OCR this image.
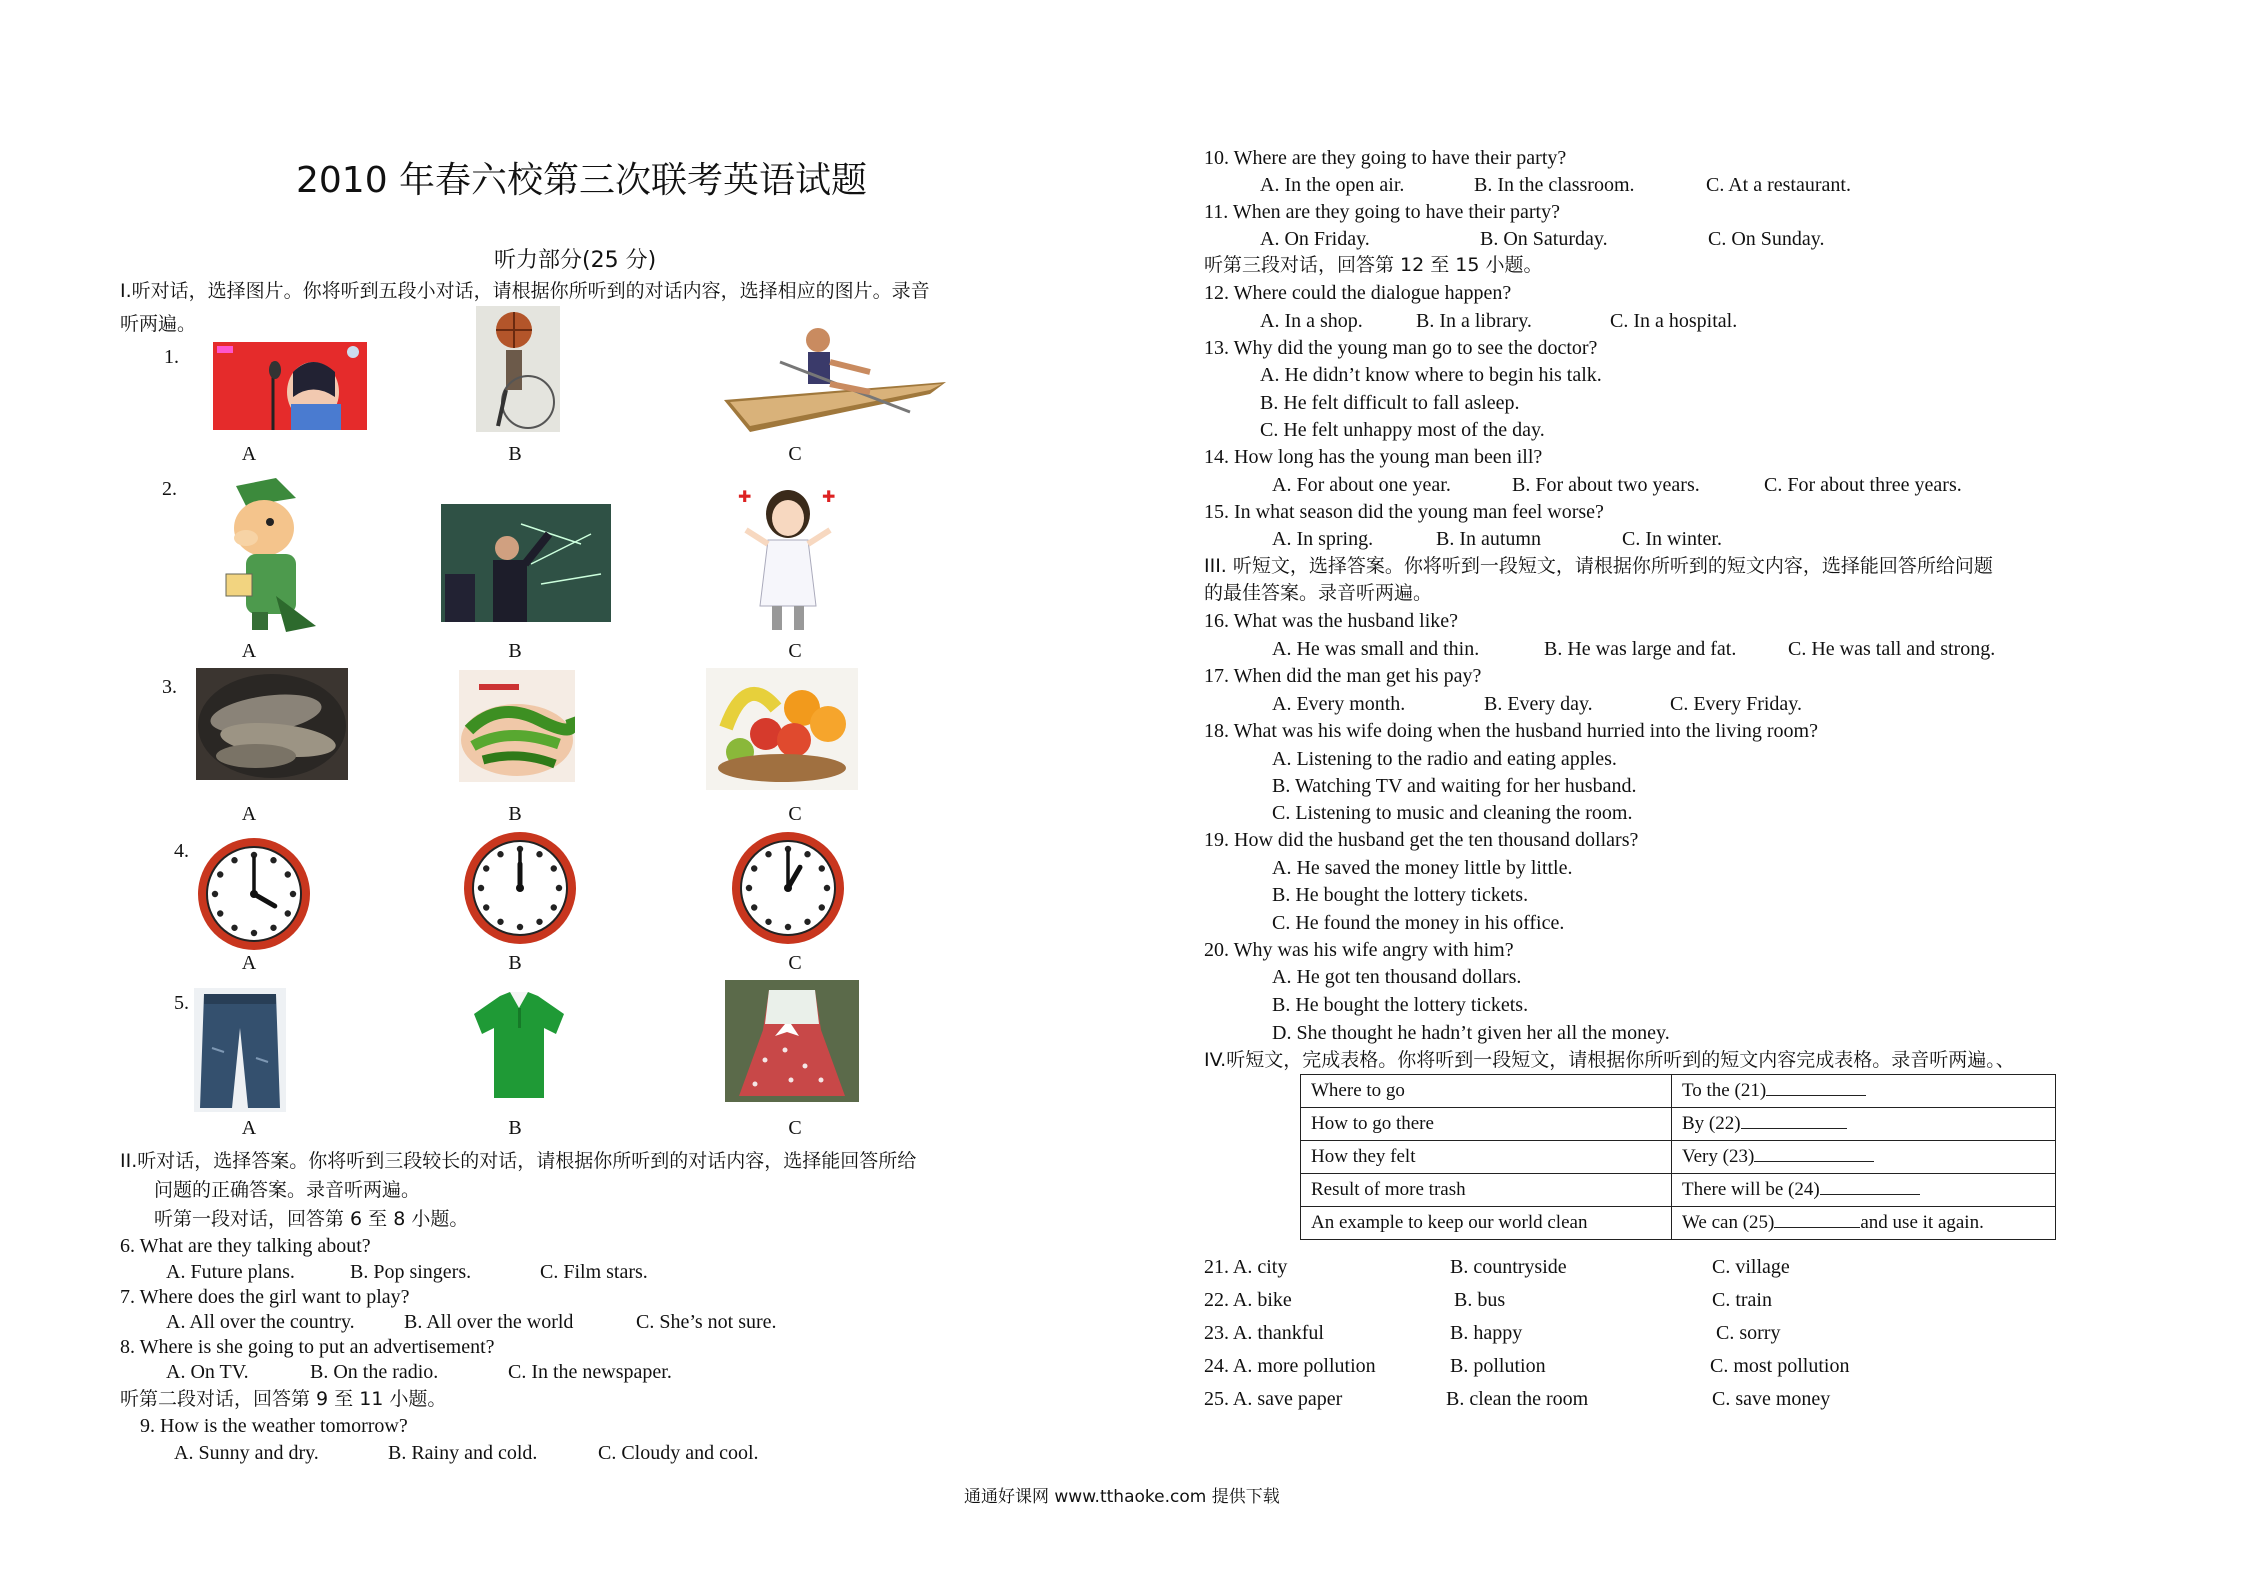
2010 年春六校第三次联考英语试题
听力部分(25 分)
I.听对话，选择图片。你将听到五段小对话，请根据你所听到的对话内容，选择相应的图片。录音
听两遍。
1.
2.
3.
4.
5.
A	B	C
✚	✚
A	B	C
A	B	C
A	B	C
A	B	C
II.听对话，选择答案。你将听到三段较长的对话，请根据你所听到的对话内容，选择能回答所给
问题的正确答案。录音听两遍。
听第一段对话，回答第 6 至 8 小题。
6. What are they talking about?
A. Future plans.	B. Pop singers.	C. Film stars.
7. Where does the girl want to play?
A. All over the country. B. All over the world	C. She’s not sure.
8. Where is she going to put an advertisement?
A. On TV.	B. On the radio.	C. In the newspaper.
听第二段对话，回答第 9 至 11 小题。
9. How is the weather tomorrow?
A. Sunny and dry.	B. Rainy and cold.	C. Cloudy and cool.
10. Where are they going to have their party?
A. In the open air.	B. In the classroom.	C. At a restaurant.
11. When are they going to have their party?
A. On Friday.	B. On Saturday.	C. On Sunday.
听第三段对话，回答第 12 至 15 小题。
12. Where could the dialogue happen?
A. In a shop.	B. In a library.	C. In a hospital.
13. Why did the young man go to see the doctor?
A. He didn’t know where to begin his talk.
B. He felt difficult to fall asleep.
C. He felt unhappy most of the day.
14. How long has the young man been ill?
A. For about one year.	B. For about two years.	C. For about three years.
15. In what season did the young man feel worse?
A. In spring.	B. In autumn	C. In winter.
III. 听短文，选择答案。你将听到一段短文，请根据你所听到的短文内容，选择能回答所给问题
的最佳答案。录音听两遍。
16. What was the husband like?
A. He was small and thin.	B. He was large and fat.	C. He was tall and strong.
17. When did the man get his pay?
A. Every month.	B. Every day.	C. Every Friday.
18. What was his wife doing when the husband hurried into the living room?
A. Listening to the radio and eating apples.
B. Watching TV and waiting for her husband.
C. Listening to music and cleaning the room.
19. How did the husband get the ten thousand dollars?
A. He saved the money little by little.
B. He bought the lottery tickets.
C. He found the money in his office.
20. Why was his wife angry with him?
A. He got ten thousand dollars.
B. He bought the lottery tickets.
D. She thought he hadn’t given her all the money.
IV.听短文，完成表格。你将听到一段短文，请根据你所听到的短文内容完成表格。录音听两遍。、
Where to go	To the (21)
How to go there	By (22)
How they felt	Very (23)
Result of more trash	There will be (24)
An example to keep our world clean	We can (25) and use it again.
21. A. city	B. countryside	C. village
22. A. bike	B. bus	C. train
23. A. thankful	B. happy	C. sorry
24. A. more pollution	B. pollution	C. most pollution
25. A. save paper	B. clean the room	C. save money
通通好课网 www.tthaoke.com 提供下载
